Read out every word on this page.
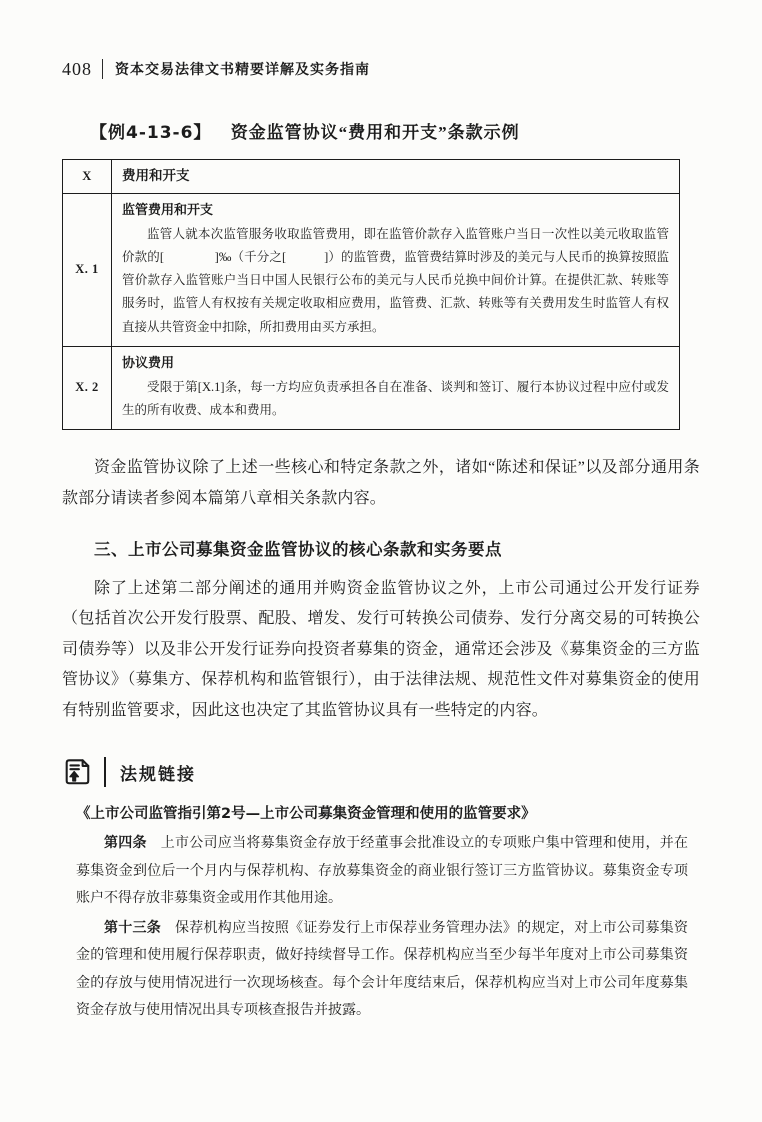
408 资本交易法律文书精要详解及实务指南
【例4-13-6】 资金监管协议“费用和开支”条款示例
X	费用和开支
X. 1	监管费用和开支

监管人就本次监管服务收取监管费用，即在监管价款存入监管账户当日一次性以美元收取监管价款的[　　　　]‰（千分之[　　　]）的监管费，监管费结算时涉及的美元与人民币的换算按照监管价款存入监管账户当日中国人民银行公布的美元与人民币兑换中间价计算。在提供汇款、转账等服务时，监管人有权按有关规定收取相应费用，监管费、汇款、转账等有关费用发生时监管人有权直接从共管资金中扣除，所扣费用由买方承担。

X. 2	协议费用

受限于第[X.1]条，每一方均应负责承担各自在准备、谈判和签订、履行本协议过程中应付或发生的所有收费、成本和费用。

资金监管协议除了上述一些核心和特定条款之外，诸如“陈述和保证”以及部分通用条款部分请读者参阅本篇第八章相关条款内容。

三、上市公司募集资金监管协议的核心条款和实务要点

除了上述第二部分阐述的通用并购资金监管协议之外，上市公司通过公开发行证券（包括首次公开发行股票、配股、增发、发行可转换公司债券、发行分离交易的可转换公司债券等）以及非公开发行证券向投资者募集的资金，通常还会涉及《募集资金的三方监管协议》（募集方、保荐机构和监管银行），由于法律法规、规范性文件对募集资金的使用有特别监管要求，因此这也决定了其监管协议具有一些特定的内容。

法规链接
《上市公司监管指引第2号—上市公司募集资金管理和使用的监管要求》

第四条 上市公司应当将募集资金存放于经董事会批准设立的专项账户集中管理和使用，并在募集资金到位后一个月内与保荐机构、存放募集资金的商业银行签订三方监管协议。募集资金专项账户不得存放非募集资金或用作其他用途。

第十三条 保荐机构应当按照《证券发行上市保荐业务管理办法》的规定，对上市公司募集资金的管理和使用履行保荐职责，做好持续督导工作。保荐机构应当至少每半年度对上市公司募集资金的存放与使用情况进行一次现场核查。每个会计年度结束后，保荐机构应当对上市公司年度募集资金存放与使用情况出具专项核查报告并披露。
